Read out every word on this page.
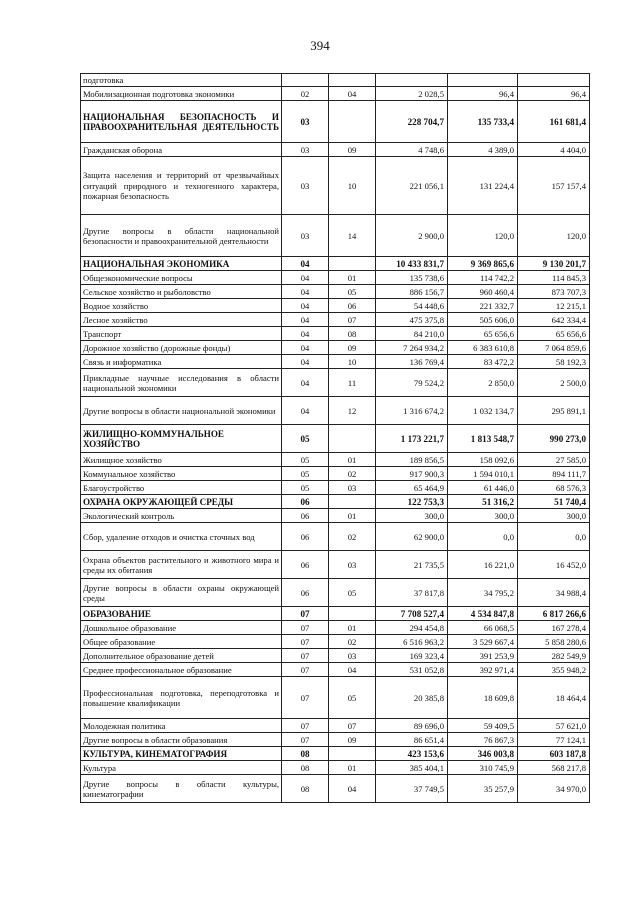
394
подготовка					
Мобилизационная подготовка экономики	02	04	2 028,5	96,4	96,4
НАЦИОНАЛЬНАЯ БЕЗОПАСНОСТЬ И ПРАВООХРАНИТЕЛЬНАЯ ДЕЯТЕЛЬНОСТЬ	03		228 704,7	135 733,4	161 681,4
Гражданская оборона	03	09	4 748,6	4 389,0	4 404,0
Защита населения и территорий от чрезвычайных ситуаций природного и техногенного характера, пожарная безопасность	03	10	221 056,1	131 224,4	157 157,4
Другие вопросы в области национальной безопасности и правоохранительной деятельности	03	14	2 900,0	120,0	120,0
НАЦИОНАЛЬНАЯ ЭКОНОМИКА	04		10 433 831,7	9 369 865,6	9 130 201,7
Общеэкономические вопросы	04	01	135 738,6	114 742,2	114 845,3
Сельское хозяйство и рыболовство	04	05	886 156,7	960 460,4	873 707,3
Водное хозяйство	04	06	54 448,6	221 332,7	12 215,1
Лесное хозяйство	04	07	475 375,8	505 606,0	642 334,4
Транспорт	04	08	84 210,0	65 656,6	65 656,6
Дорожное хозяйство (дорожные фонды)	04	09	7 264 934,2	6 383 610,8	7 064 859,6
Связь и информатика	04	10	136 769,4	83 472,2	58 192,3
Прикладные научные исследования в области национальной экономики	04	11	79 524,2	2 850,0	2 500,0
Другие вопросы в области национальной экономики	04	12	1 316 674,2	1 032 134,7	295 891,1
ЖИЛИЩНО-КОММУНАЛЬНОЕ ХОЗЯЙСТВО	05		1 173 221,7	1 813 548,7	990 273,0
Жилищное хозяйство	05	01	189 856,5	158 092,6	27 585,0
Коммунальное хозяйство	05	02	917 900,3	1 594 010,1	894 111,7
Благоустройство	05	03	65 464,9	61 446,0	68 576,3
ОХРАНА ОКРУЖАЮЩЕЙ СРЕДЫ	06		122 753,3	51 316,2	51 740,4
Экологический контроль	06	01	300,0	300,0	300,0
Сбор, удаление отходов и очистка сточных вод	06	02	62 900,0	0,0	0,0
Охрана объектов растительного и животного мира и среды их обитания	06	03	21 735,5	16 221,0	16 452,0
Другие вопросы в области охраны окружающей среды	06	05	37 817,8	34 795,2	34 988,4
ОБРАЗОВАНИЕ	07		7 708 527,4	4 534 847,8	6 817 266,6
Дошкольное образование	07	01	294 454,8	66 068,5	167 278,4
Общее образование	07	02	6 516 963,2	3 529 667,4	5 858 280,6
Дополнительное образование детей	07	03	169 323,4	391 253,9	282 549,9
Среднее профессиональное образование	07	04	531 052,8	392 971,4	355 948,2
Профессиональная подготовка, переподготовка и повышение квалификации	07	05	20 385,8	18 609,8	18 464,4
Молодежная политика	07	07	89 696,0	59 409,5	57 621,0
Другие вопросы в области образования	07	09	86 651,4	76 867,3	77 124,1
КУЛЬТУРА, КИНЕМАТОГРАФИЯ	08		423 153,6	346 003,8	603 187,8
Культура	08	01	385 404,1	310 745,9	568 217,8
Другие вопросы в области культуры, кинематографии	08	04	37 749,5	35 257,9	34 970,0
